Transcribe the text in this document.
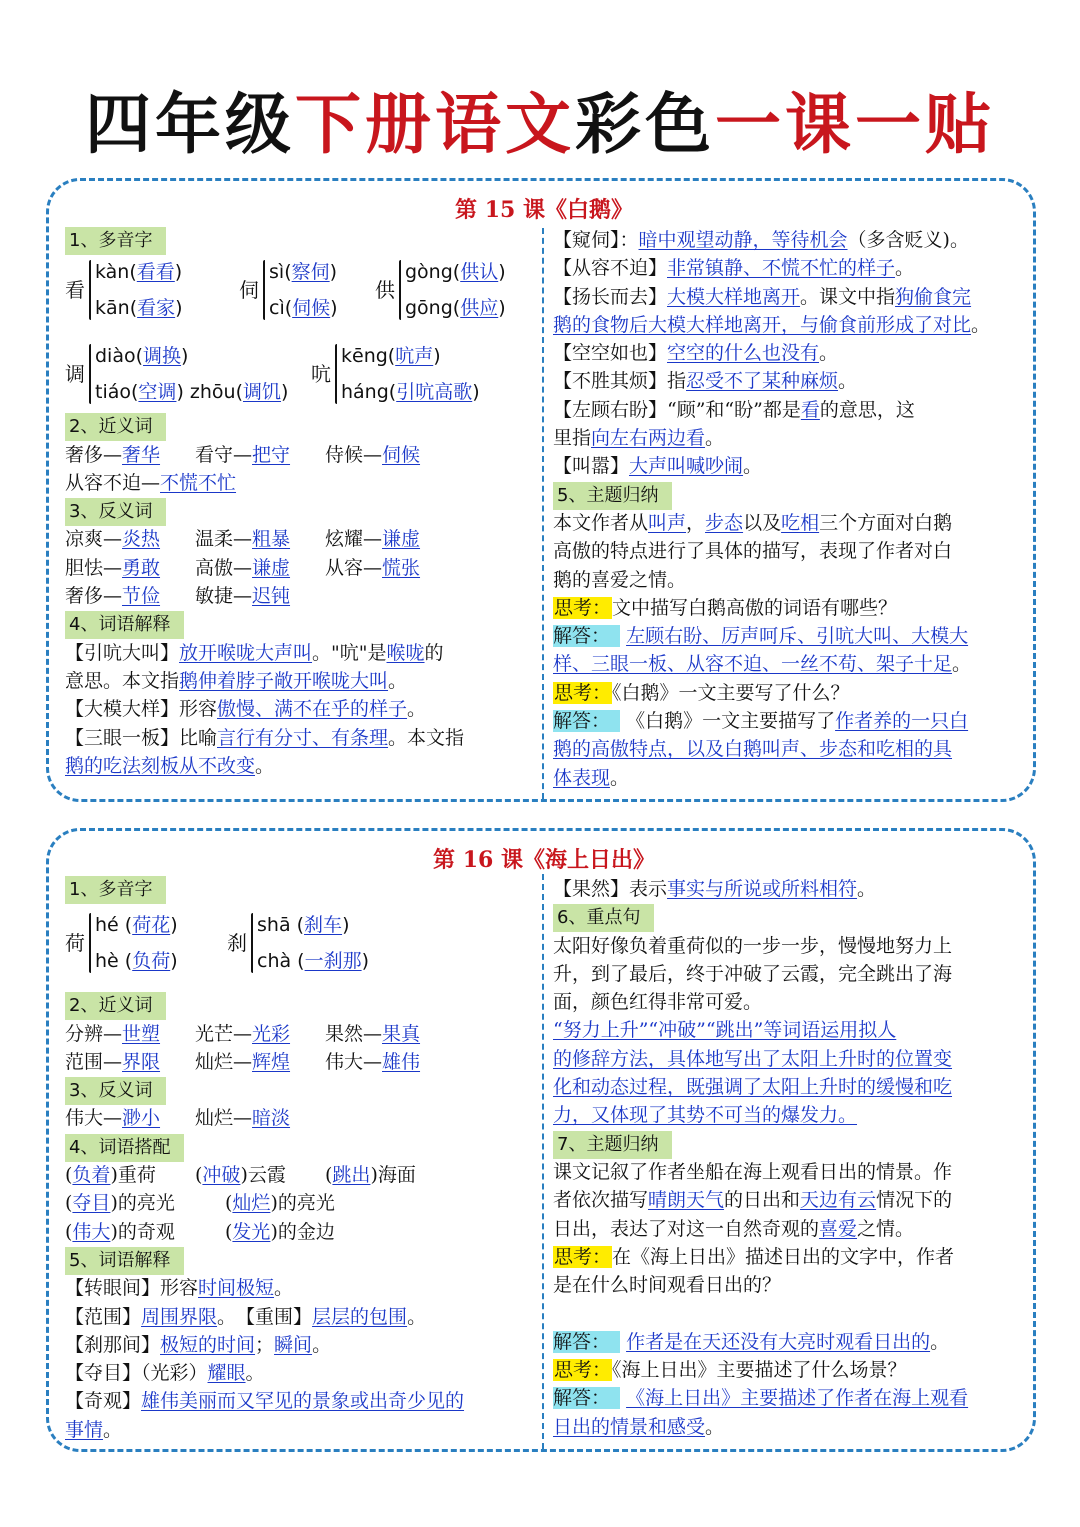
四年级下册语文彩色一课一贴
第 15 课《白鹅》
1、多音字
看
kàn(看看)
kān(看家)
伺
sì(察伺)
cì(伺候)
供
gòng(供认)
gōng(供应)
调
diào(调换)
tiáo(空调) zhōu(调饥)
吭
kēng(吭声)
háng(引吭高歌)
2、近义词
奢侈—奢华 看守—把守 侍候—伺候
从容不迫—不慌不忙
3、反义词
凉爽—炎热 温柔—粗暴 炫耀—谦虚
胆怯—勇敢 高傲—谦虚 从容—慌张
奢侈—节俭 敏捷—迟钝
4、词语解释
【引吭大叫】放开喉咙大声叫。"吭"是喉咙的
意思。本文指鹅伸着脖子敞开喉咙大叫。
【大模大样】形容傲慢、满不在乎的样子。
【三眼一板】比喻言行有分寸、有条理。本文指
鹅的吃法刻板从不改变。
【窥伺】：暗中观望动静，等待机会（多含贬义)。
【从容不迫】非常镇静、不慌不忙的样子。
【扬长而去】大模大样地离开。课文中指狗偷食完
鹅的食物后大模大样地离开，与偷食前形成了对比。
【空空如也】空空的什么也没有。
【不胜其烦】指忍受不了某种麻烦。
【左顾右盼】“顾”和“盼”都是看的意思，这
里指向左右两边看。
【叫嚣】大声叫喊吵闹。
5、主题归纳
本文作者从叫声，步态以及吃相三个方面对白鹅
高傲的特点进行了具体的描写，表现了作者对白
鹅的喜爱之情。
思考：文中描写白鹅高傲的词语有哪些？
解答： 左顾右盼、厉声呵斥、引吭大叫、大模大
样、三眼一板、从容不迫、一丝不苟、架子十足。
思考：《白鹅》一文主要写了什么？
解答： 《白鹅》一文主要描写了作者养的一只白
鹅的高傲特点，以及白鹅叫声、步态和吃相的具
体表现。
第 16 课《海上日出》
1、多音字
荷
hé (荷花)
hè (负荷)
刹
shā (刹车)
chà (一刹那)
2、近义词
分辨—世塑 光芒—光彩 果然—果真
范围—界限 灿烂—辉煌 伟大—雄伟
3、反义词
伟大—渺小 灿烂—暗淡
4、词语搭配
(负着)重荷 (冲破)云霞 (跳出)海面
(夺目)的亮光	(灿烂)的亮光
(伟大)的奇观	(发光)的金边
5、词语解释
【转眼间】形容时间极短。
【范围】周围界限。　【重围】层层的包围。
【刹那间】极短的时间；瞬间。
【夺目】（光彩）耀眼。
【奇观】雄伟美丽而又罕见的景象或出奇少见的
事情。
【果然】表示事实与所说或所料相符。
6、重点句
太阳好像负着重荷似的一步一步，慢慢地努力上
升，到了最后，终于冲破了云霞，完全跳出了海
面，颜色红得非常可爱。
“努力上升”“冲破”“跳出”等词语运用拟人
的修辞方法，具体地写出了太阳上升时的位置变
化和动态过程，既强调了太阳上升时的缓慢和吃
力，又体现了其势不可当的爆发力。
7、主题归纳
课文记叙了作者坐船在海上观看日出的情景。作
者依次描写晴朗天气的日出和天边有云情况下的
日出，表达了对这一自然奇观的喜爱之情。
思考：在《海上日出》描述日出的文字中，作者
是在什么时间观看日出的？
解答： 作者是在天还没有大亮时观看日出的。
思考：《海上日出》主要描述了什么场景？
解答： 《海上日出》主要描述了作者在海上观看
日出的情景和感受。
